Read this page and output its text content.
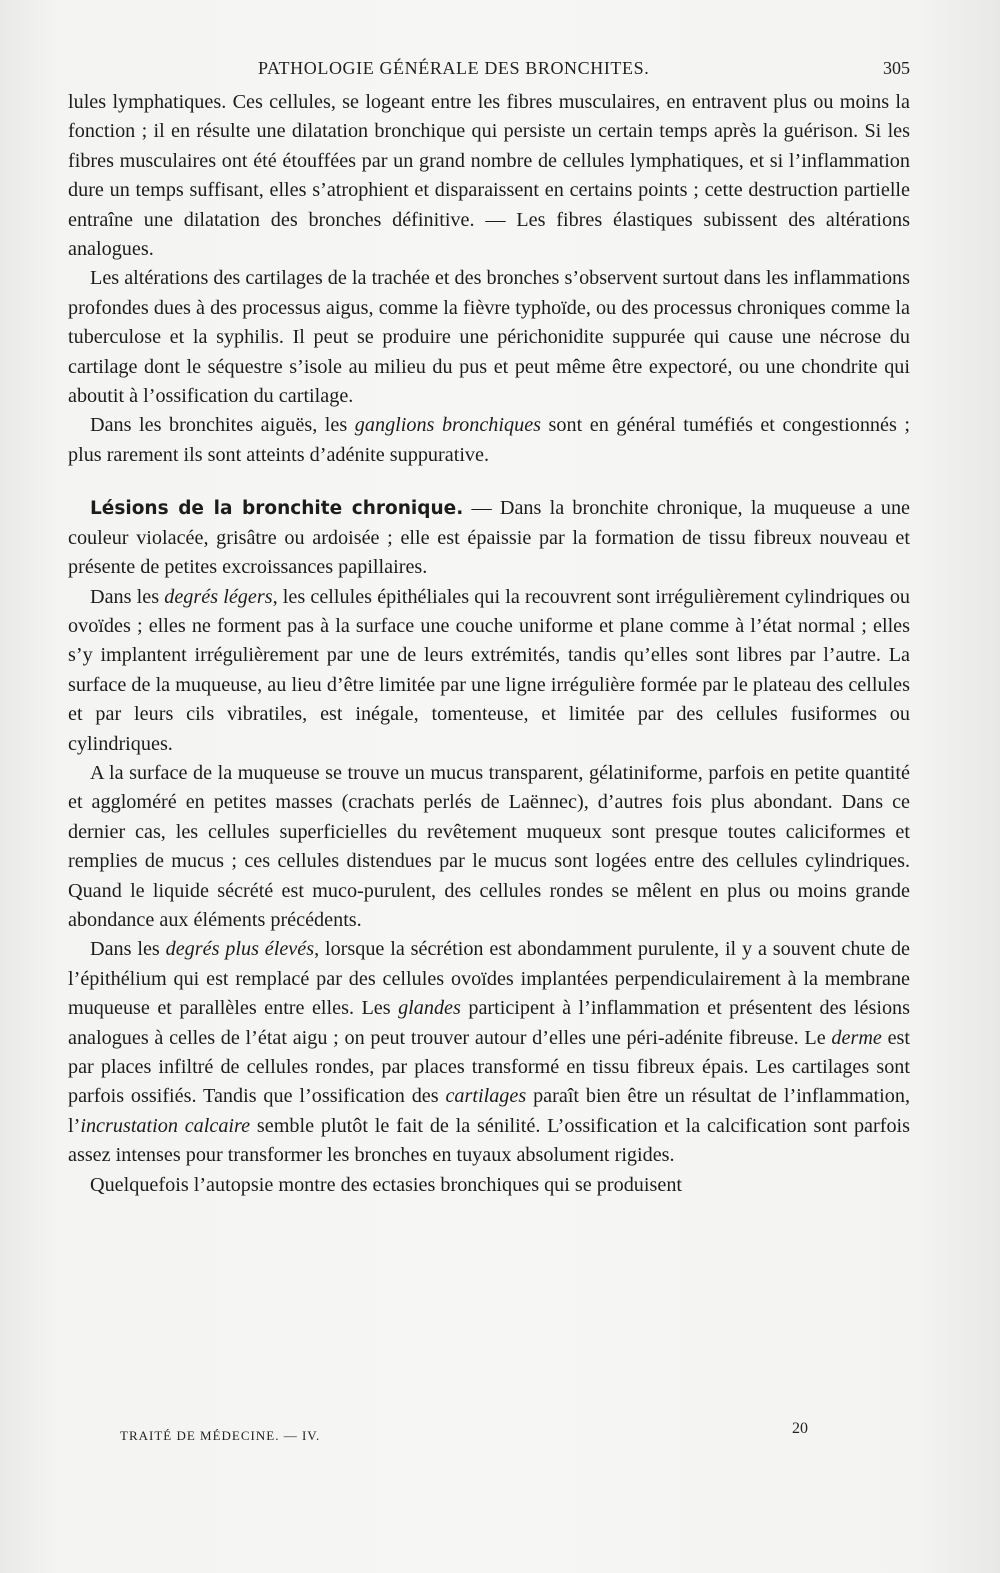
PATHOLOGIE GÉNÉRALE DES BRONCHITES.	305

lules lymphatiques. Ces cellules, se logeant entre les fibres musculaires, en entravent plus ou moins la fonction ; il en résulte une dilatation bronchique qui persiste un certain temps après la guérison. Si les fibres musculaires ont été étouffées par un grand nombre de cellules lymphatiques, et si l’inflammation dure un temps suffisant, elles s’atrophient et disparaissent en certains points ; cette destruction partielle entraîne une dilatation des bronches définitive. — Les fibres élastiques subissent des altérations analogues.

Les altérations des cartilages de la trachée et des bronches s’observent surtout dans les inflammations profondes dues à des processus aigus, comme la fièvre typhoïde, ou des processus chroniques comme la tuberculose et la syphilis. Il peut se produire une périchonidite suppurée qui cause une nécrose du cartilage dont le séquestre s’isole au milieu du pus et peut même être expectoré, ou une chondrite qui aboutit à l’ossification du cartilage.

Dans les bronchites aiguës, les ganglions bronchiques sont en général tuméfiés et congestionnés ; plus rarement ils sont atteints d’adénite suppurative.

Lésions de la bronchite chronique. — Dans la bronchite chronique, la muqueuse a une couleur violacée, grisâtre ou ardoisée ; elle est épaissie par la formation de tissu fibreux nouveau et présente de petites excroissances papillaires.

Dans les degrés légers, les cellules épithéliales qui la recouvrent sont irrégulièrement cylindriques ou ovoïdes ; elles ne forment pas à la surface une couche uniforme et plane comme à l’état normal ; elles s’y implantent irrégulièrement par une de leurs extrémités, tandis qu’elles sont libres par l’autre. La surface de la muqueuse, au lieu d’être limitée par une ligne irrégulière formée par le plateau des cellules et par leurs cils vibratiles, est inégale, tomenteuse, et limitée par des cellules fusiformes ou cylindriques.

A la surface de la muqueuse se trouve un mucus transparent, gélatiniforme, parfois en petite quantité et aggloméré en petites masses (crachats perlés de Laënnec), d’autres fois plus abondant. Dans ce dernier cas, les cellules superficielles du revêtement muqueux sont presque toutes caliciformes et remplies de mucus ; ces cellules distendues par le mucus sont logées entre des cellules cylindriques. Quand le liquide sécrété est muco-purulent, des cellules rondes se mêlent en plus ou moins grande abondance aux éléments précédents.

Dans les degrés plus élevés, lorsque la sécrétion est abondamment purulente, il y a souvent chute de l’épithélium qui est remplacé par des cellules ovoïdes implantées perpendiculairement à la membrane muqueuse et parallèles entre elles. Les glandes participent à l’inflammation et présentent des lésions analogues à celles de l’état aigu ; on peut trouver autour d’elles une péri-adénite fibreuse. Le derme est par places infiltré de cellules rondes, par places transformé en tissu fibreux épais. Les cartilages sont parfois ossifiés. Tandis que l’ossification des cartilages paraît bien être un résultat de l’inflammation, l’incrustation calcaire semble plutôt le fait de la sénilité. L’ossification et la calcification sont parfois assez intenses pour transformer les bronches en tuyaux absolument rigides.

Quelquefois l’autopsie montre des ectasies bronchiques qui se produisent

TRAITÉ DE MÉDECINE. — IV.	20
